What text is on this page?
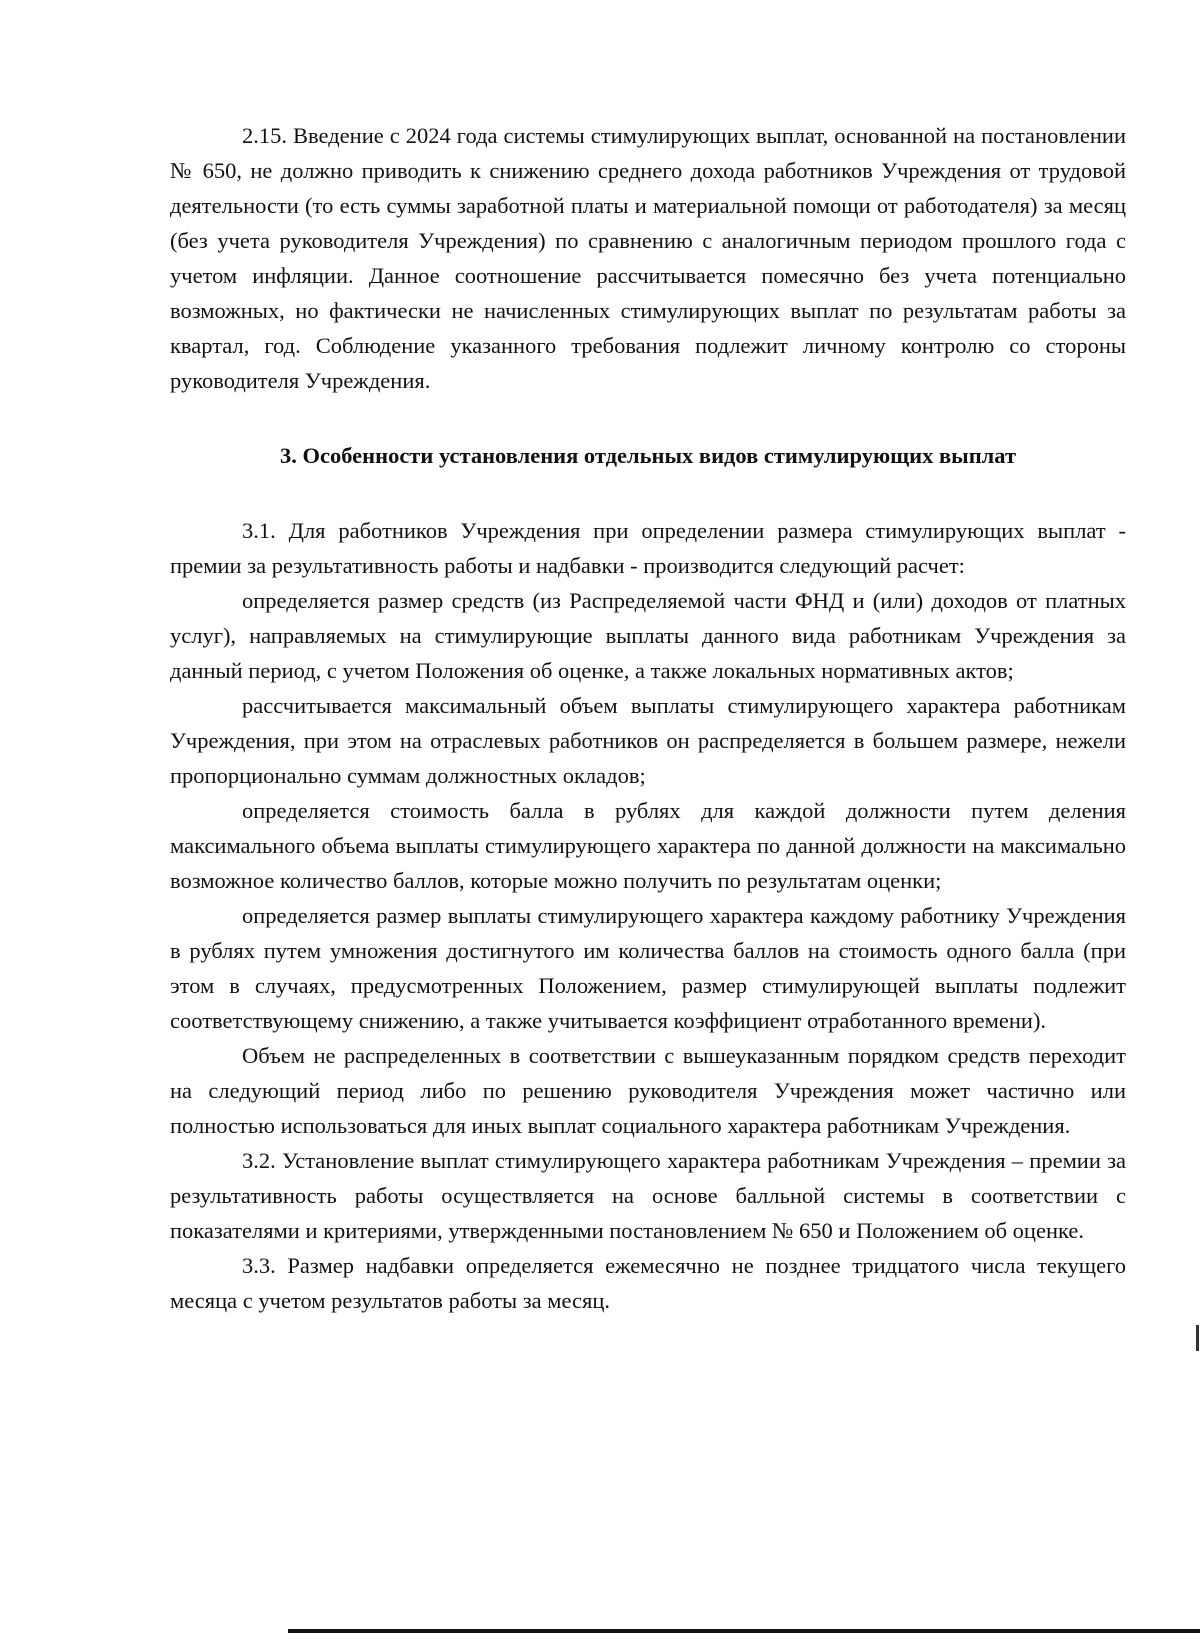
2.15. Введение с 2024 года системы стимулирующих выплат, основанной на постановлении № 650, не должно приводить к снижению среднего дохода работников Учреждения от трудовой деятельности (то есть суммы заработной платы и материальной помощи от работодателя) за месяц (без учета руководителя Учреждения) по сравнению с аналогичным периодом прошлого года с учетом инфляции. Данное соотношение рассчитывается помесячно без учета потенциально возможных, но фактически не начисленных стимулирующих выплат по результатам работы за квартал, год. Соблюдение указанного требования подлежит личному контролю со стороны руководителя Учреждения.

3. Особенности установления отдельных видов стимулирующих выплат

3.1. Для работников Учреждения при определении размера стимулирующих выплат - премии за результативность работы и надбавки - производится следующий расчет:

определяется размер средств (из Распределяемой части ФНД и (или) доходов от платных услуг), направляемых на стимулирующие выплаты данного вида работникам Учреждения за данный период, с учетом Положения об оценке, а также локальных нормативных актов;

рассчитывается максимальный объем выплаты стимулирующего характера работникам Учреждения, при этом на отраслевых работников он распределяется в большем размере, нежели пропорционально суммам должностных окладов;

определяется стоимость балла в рублях для каждой должности путем деления максимального объема выплаты стимулирующего характера по данной должности на максимально возможное количество баллов, которые можно получить по результатам оценки;

определяется размер выплаты стимулирующего характера каждому работнику Учреждения в рублях путем умножения достигнутого им количества баллов на стоимость одного балла (при этом в случаях, предусмотренных Положением, размер стимулирующей выплаты подлежит соответствующему снижению, а также учитывается коэффициент отработанного времени).

Объем не распределенных в соответствии с вышеуказанным порядком средств переходит на следующий период либо по решению руководителя Учреждения может частично или полностью использоваться для иных выплат социального характера работникам Учреждения.

3.2. Установление выплат стимулирующего характера работникам Учреждения – премии за результативность работы осуществляется на основе балльной системы в соответствии с показателями и критериями, утвержденными постановлением № 650 и Положением об оценке.

3.3. Размер надбавки определяется ежемесячно не позднее тридцатого числа текущего месяца с учетом результатов работы за месяц.
